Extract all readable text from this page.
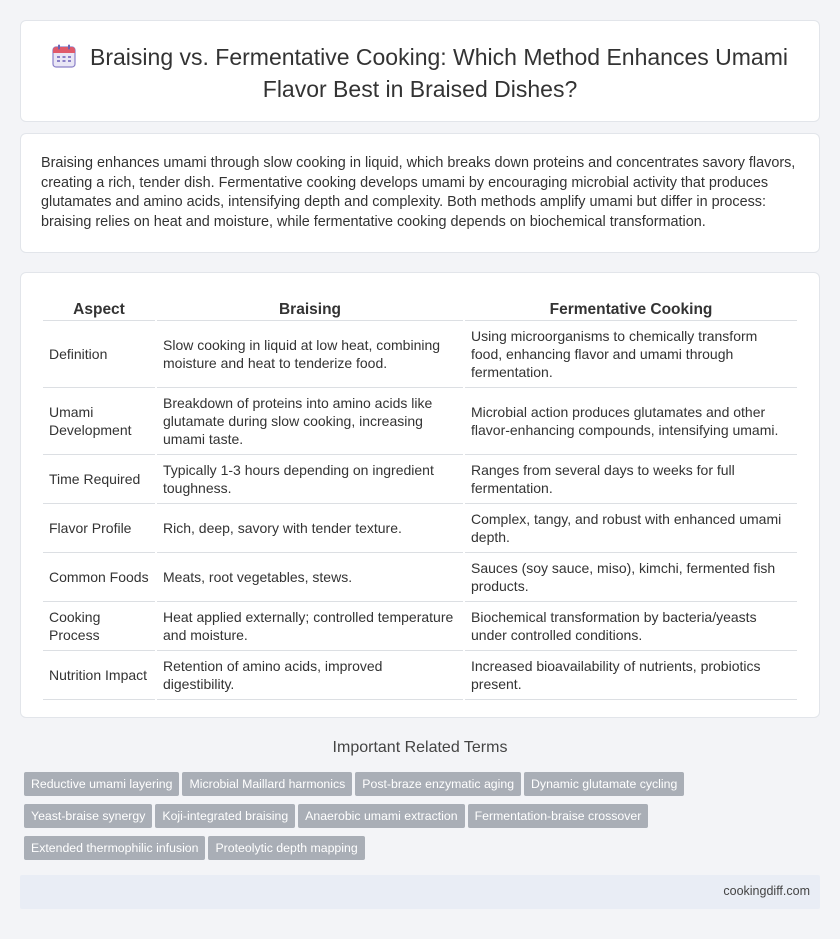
Braising vs. Fermentative Cooking: Which Method Enhances Umami Flavor Best in Braised Dishes?

Braising enhances umami through slow cooking in liquid, which breaks down proteins and concentrates savory flavors, creating a rich, tender dish. Fermentative cooking develops umami by encouraging microbial activity that produces glutamates and amino acids, intensifying depth and complexity. Both methods amplify umami but differ in process: braising relies on heat and moisture, while fermentative cooking depends on biochemical transformation.

Aspect	Braising	Fermentative Cooking
Definition	Slow cooking in liquid at low heat, combining moisture and heat to tenderize food.	Using microorganisms to chemically transform food, enhancing flavor and umami through fermentation.
Umami Development	Breakdown of proteins into amino acids like glutamate during slow cooking, increasing umami taste.	Microbial action produces glutamates and other flavor-enhancing compounds, intensifying umami.
Time Required	Typically 1-3 hours depending on ingredient toughness.	Ranges from several days to weeks for full fermentation.
Flavor Profile	Rich, deep, savory with tender texture.	Complex, tangy, and robust with enhanced umami depth.
Common Foods	Meats, root vegetables, stews.	Sauces (soy sauce, miso), kimchi, fermented fish products.
Cooking Process	Heat applied externally; controlled temperature and moisture.	Biochemical transformation by bacteria/yeasts under controlled conditions.
Nutrition Impact	Retention of amino acids, improved digestibility.	Increased bioavailability of nutrients, probiotics present.
Important Related Terms
Reductive umami layering Microbial Maillard harmonics Post-braze enzymatic aging Dynamic glutamate cycling
Yeast-braise synergy Koji-integrated braising Anaerobic umami extraction Fermentation-braise crossover
Extended thermophilic infusion Proteolytic depth mapping
cookingdiff.com
